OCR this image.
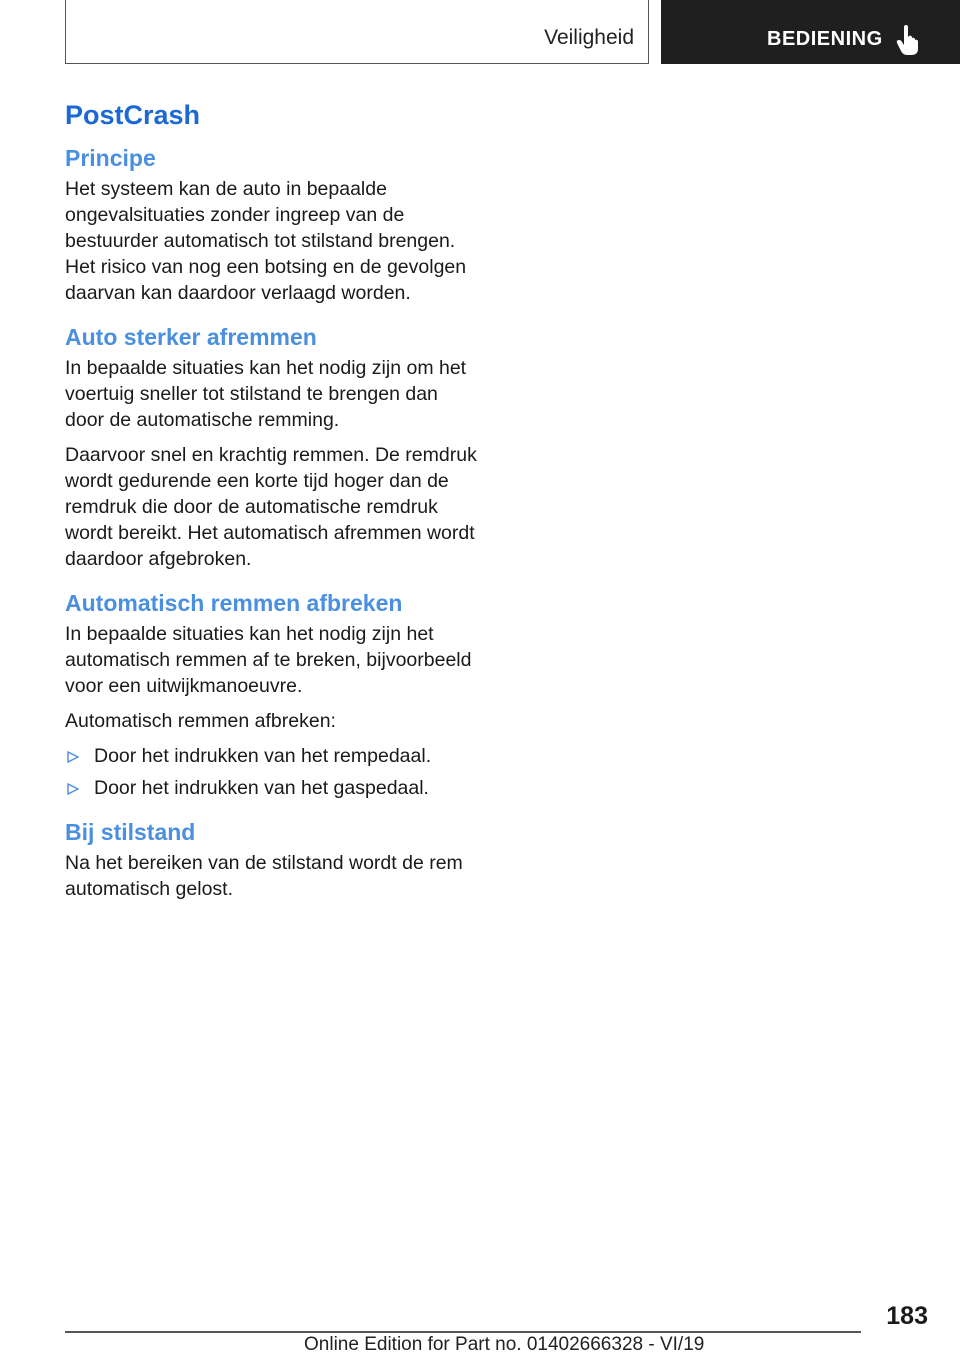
Veiligheid	BEDIENING
PostCrash
Principe

Het systeem kan de auto in bepaalde ongevalsituaties zonder ingreep van de bestuurder automatisch tot stilstand brengen. Het risico van nog een botsing en de gevolgen daarvan kan daardoor verlaagd worden.

Auto sterker afremmen

In bepaalde situaties kan het nodig zijn om het voertuig sneller tot stilstand te brengen dan door de automatische remming.

Daarvoor snel en krachtig remmen. De remdruk wordt gedurende een korte tijd hoger dan de remdruk die door de automatische remdruk wordt bereikt. Het automatisch afremmen wordt daardoor afgebroken.

Automatisch remmen afbreken

In bepaalde situaties kan het nodig zijn het automatisch remmen af te breken, bijvoorbeeld voor een uitwijkmanoeuvre.

Automatisch remmen afbreken:

Door het indrukken van het rempedaal.
Door het indrukken van het gaspedaal.
Bij stilstand

Na het bereiken van de stilstand wordt de rem automatisch gelost.

183
Online Edition for Part no. 01402666328 - VI/19
